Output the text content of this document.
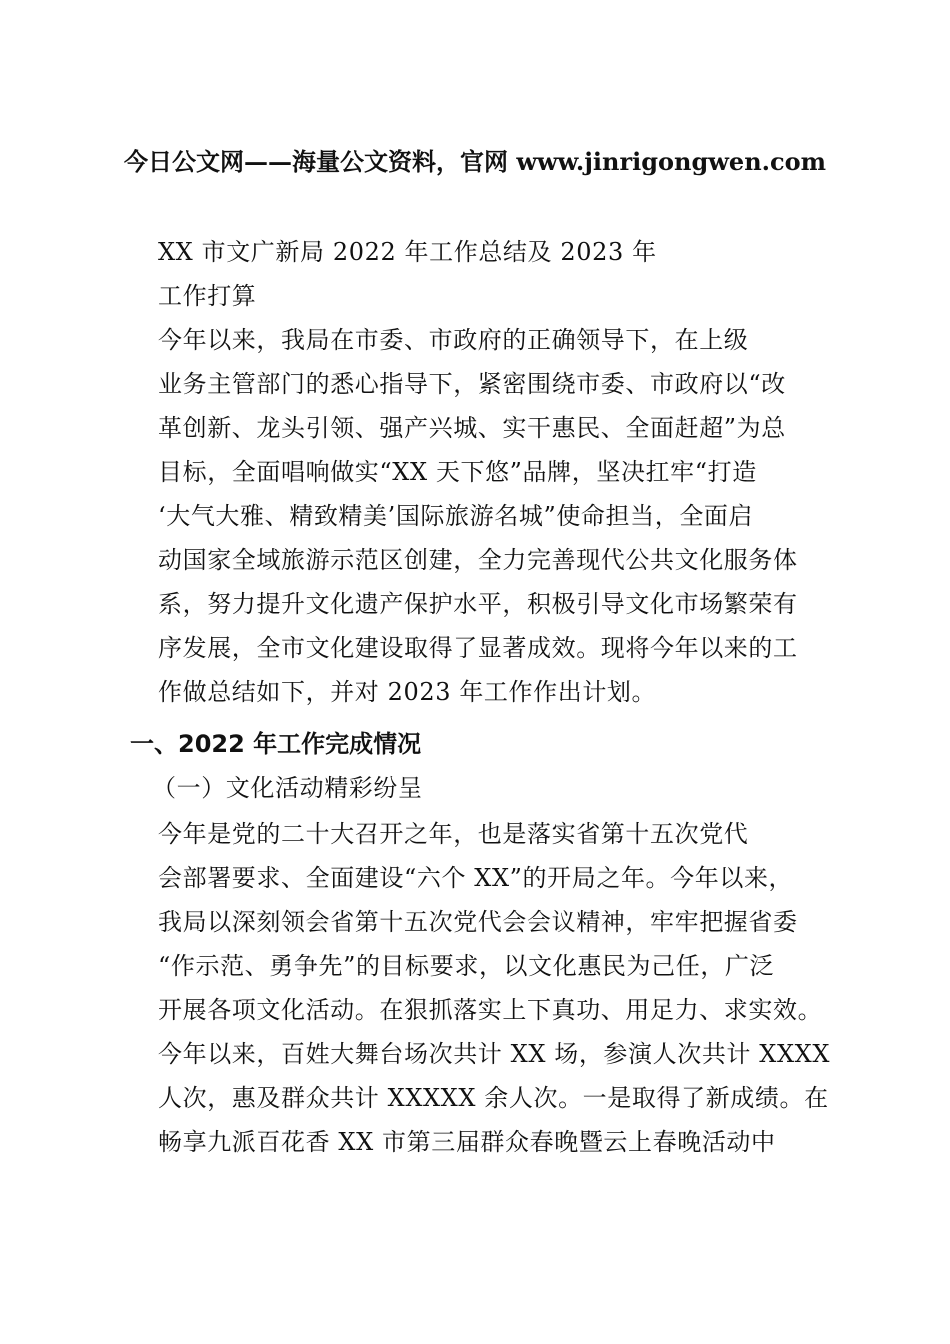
今日公文网——海量公文资料，官网 www.jinrigongwen.com
XX 市文广新局 2022 年工作总结及 2023 年
工作打算
今年以来，我局在市委、市政府的正确领导下，在上级
业务主管部门的悉心指导下，紧密围绕市委、市政府以“改
革创新、龙头引领、强产兴城、实干惠民、全面赶超”为总
目标，全面唱响做实“XX 天下悠”品牌，坚决扛牢“打造
‘大气大雅、精致精美’国际旅游名城”使命担当，全面启
动国家全域旅游示范区创建，全力完善现代公共文化服务体
系，努力提升文化遗产保护水平，积极引导文化市场繁荣有
序发展，全市文化建设取得了显著成效。现将今年以来的工
作做总结如下，并对 2023 年工作作出计划。
一、2022 年工作完成情况
（一）文化活动精彩纷呈
今年是党的二十大召开之年，也是落实省第十五次党代
会部署要求、全面建设“六个 XX”的开局之年。今年以来，
我局以深刻领会省第十五次党代会会议精神，牢牢把握省委
“作示范、勇争先”的目标要求，以文化惠民为己任，广泛
开展各项文化活动。在狠抓落实上下真功、用足力、求实效。
今年以来，百姓大舞台场次共计 XX 场，参演人次共计 XXXX
人次，惠及群众共计 XXXXX 余人次。一是取得了新成绩。在
畅享九派百花香 XX 市第三届群众春晚暨云上春晚活动中
